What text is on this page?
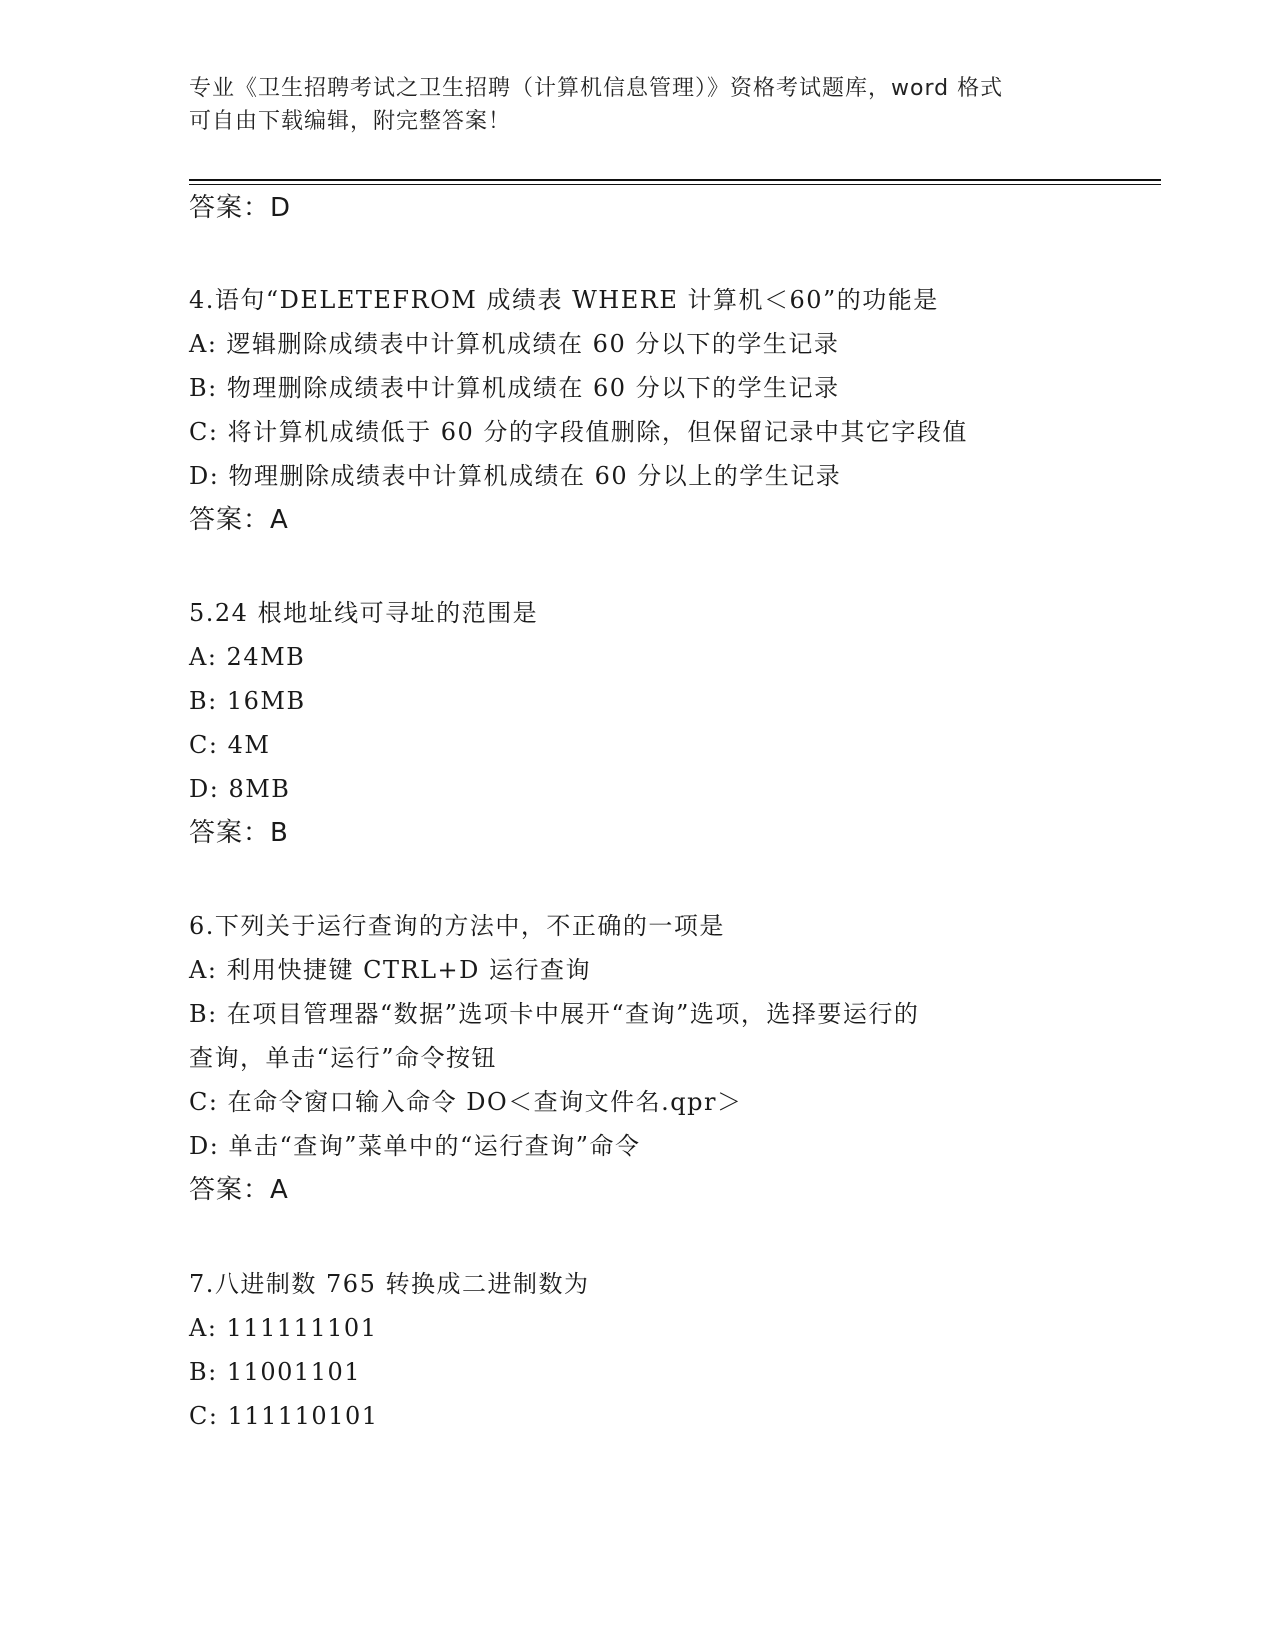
专业《卫生招聘考试之卫生招聘（计算机信息管理）》资格考试题库，word 格式
可自由下载编辑，附完整答案！
答案：D
4.语句“DELETEFROM 成绩表 WHERE 计算机＜60”的功能是
A: 逻辑删除成绩表中计算机成绩在 60 分以下的学生记录
B: 物理删除成绩表中计算机成绩在 60 分以下的学生记录
C: 将计算机成绩低于 60 分的字段值删除，但保留记录中其它字段值
D: 物理删除成绩表中计算机成绩在 60 分以上的学生记录
答案：A
5.24 根地址线可寻址的范围是
A: 24MB
B: 16MB
C: 4M
D: 8MB
答案：B
6.下列关于运行查询的方法中，不正确的一项是
A: 利用快捷键 CTRL+D 运行查询
B: 在项目管理器“数据”选项卡中展开“查询”选项，选择要运行的
查询，单击“运行”命令按钮
C: 在命令窗口输入命令 DO＜查询文件名.qpr＞
D: 单击“查询”菜单中的“运行查询”命令
答案：A
7.八进制数 765 转换成二进制数为
A: 111111101
B: 11001101
C: 111110101
